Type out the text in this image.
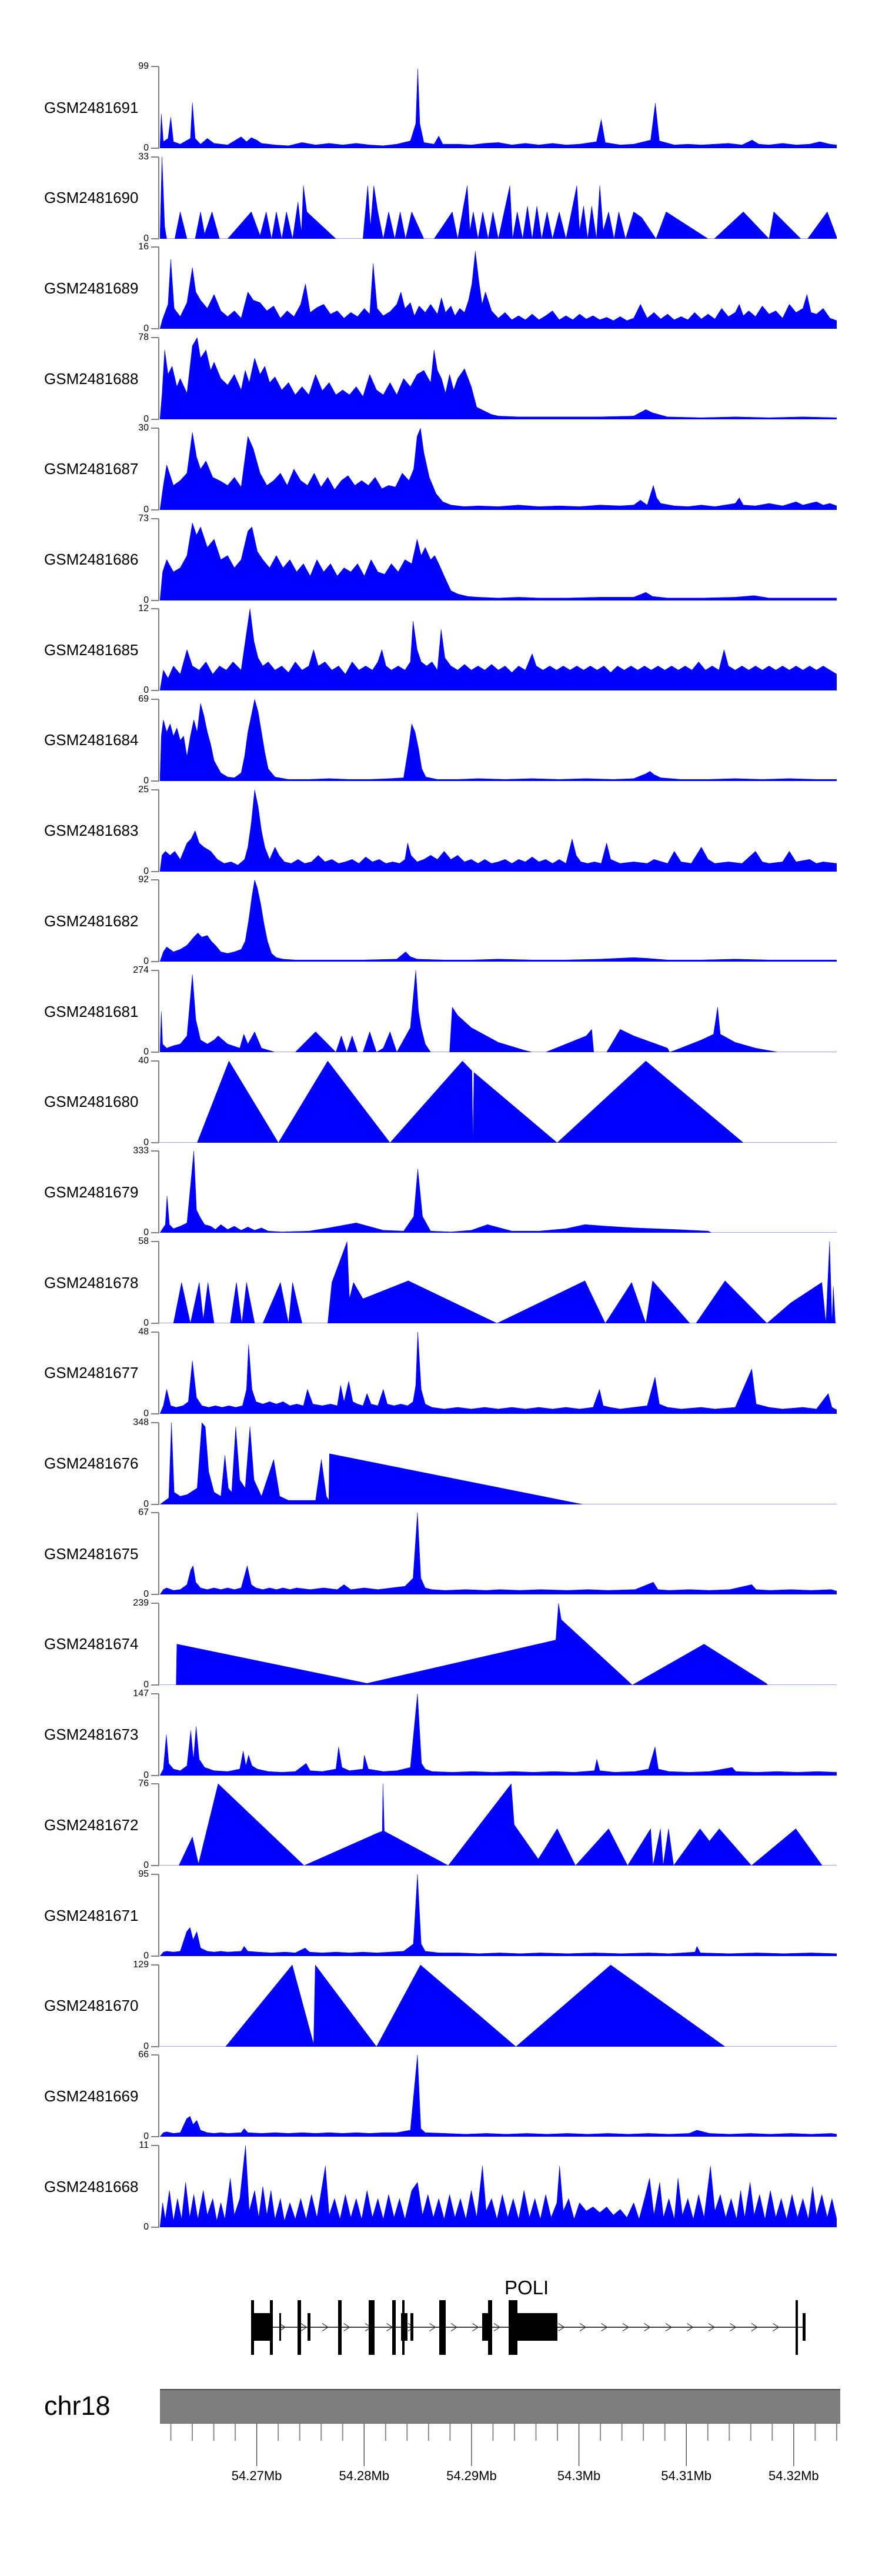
GSM2481691
99
0
GSM2481690
33
0
GSM2481689
16
0
GSM2481688
78
0
GSM2481687
30
0
GSM2481686
73
0
GSM2481685
12
0
GSM2481684
69
0
GSM2481683
25
0
GSM2481682
92
0
GSM2481681
274
0
GSM2481680
40
0
GSM2481679
333
0
GSM2481678
58
0
GSM2481677
48
0
GSM2481676
348
0
GSM2481675
67
0
GSM2481674
239
0
GSM2481673
147
0
GSM2481672
76
0
GSM2481671
95
0
GSM2481670
129
0
GSM2481669
66
0
GSM2481668
11
0
POLI
chr18
54.27Mb	54.28Mb	54.29Mb	54.3Mb	54.31Mb	54.32Mb
